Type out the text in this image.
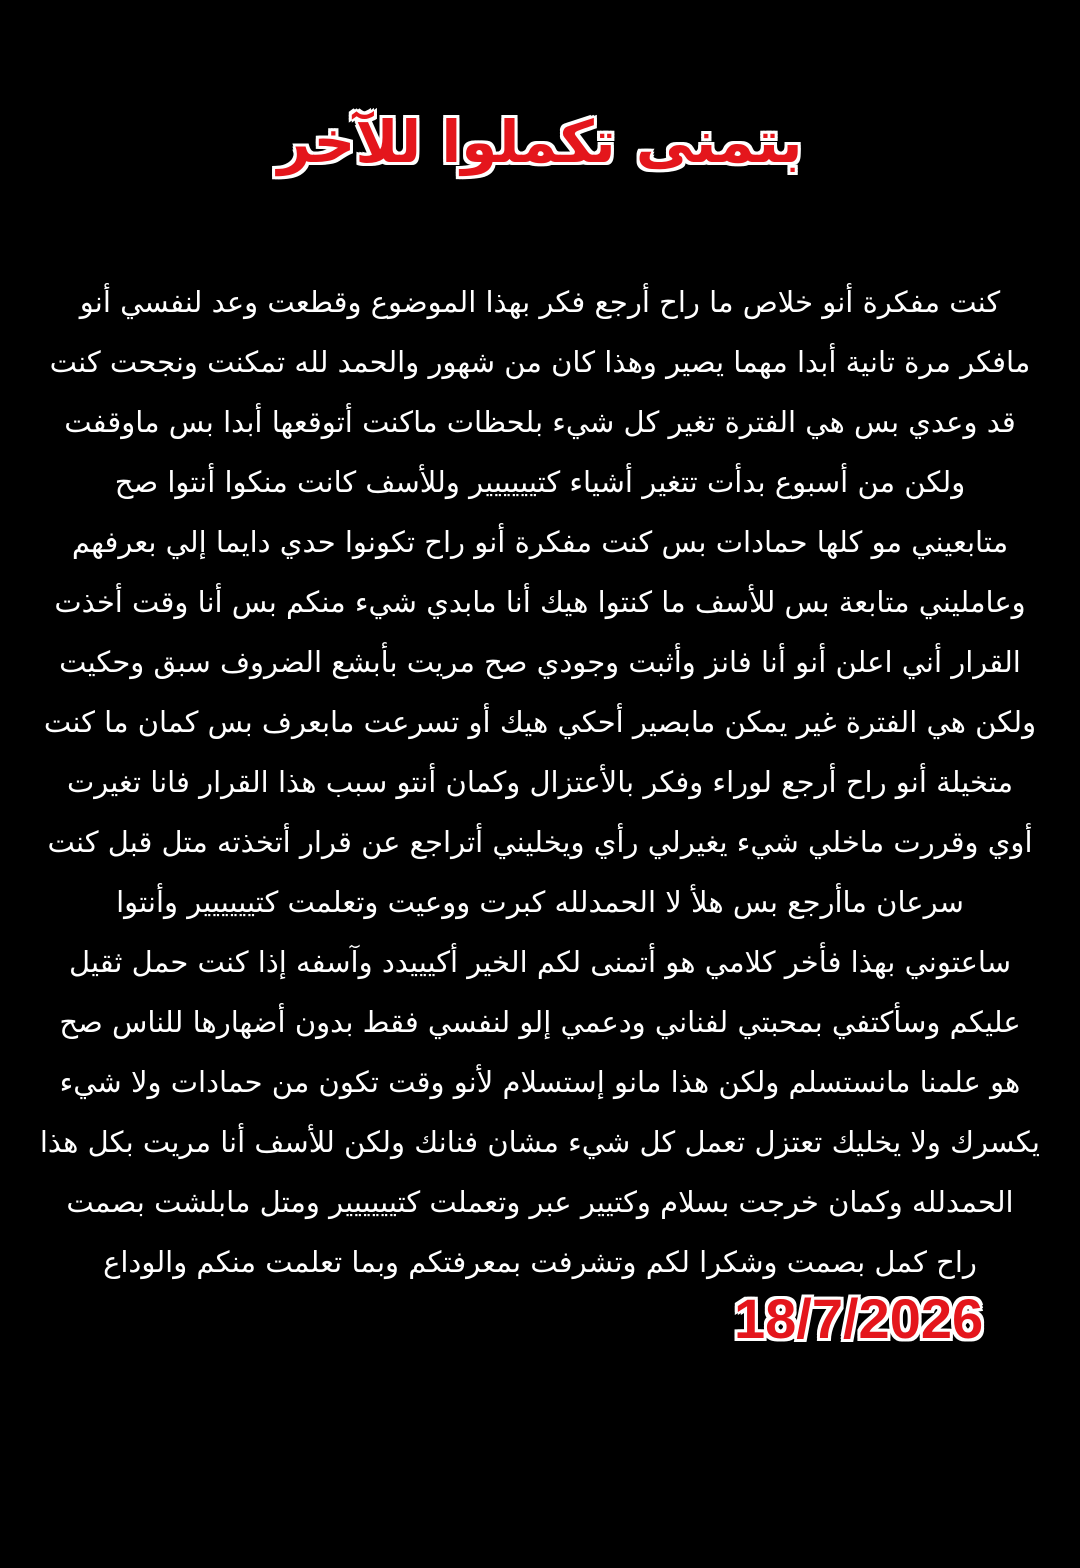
بتمنى تكملوا للآخر
كنت مفكرة أنو خلاص ما راح أرجع فكر بهذا الموضوع وقطعت وعد لنفسي أنو
مافكر مرة تانية أبدا مهما يصير وهذا كان من شهور والحمد لله تمكنت ونجحت كنت
قد وعدي بس هي الفترة تغير كل شيء بلحظات ماكنت أتوقعها أبدا بس ماوقفت
ولكن من أسبوع بدأت تتغير أشياء كتيييييير وللأسف كانت منكوا أنتوا صح
متابعيني مو كلها حمادات بس كنت مفكرة أنو راح تكونوا حدي دايما إلي بعرفهم
وعامليني متابعة بس للأسف ما كنتوا هيك أنا مابدي شيء منكم بس أنا وقت أخذت
القرار أني اعلن أنو أنا فانز وأثبت وجودي صح مريت بأبشع الضروف سبق وحكيت
ولكن هي الفترة غير يمكن مابصير أحكي هيك أو تسرعت مابعرف بس كمان ما كنت
متخيلة أنو راح أرجع لوراء وفكر بالأعتزال وكمان أنتو سبب هذا القرار فانا تغيرت
أوي وقررت ماخلي شيء يغيرلي رأي ويخليني أتراجع عن قرار أتخذته متل قبل كنت
سرعان ماأرجع بس هلأ لا الحمدلله كبرت ووعيت وتعلمت كتيييييير وأنتوا
ساعتوني بهذا فأخر كلامي هو أتمنى لكم الخير أكيييدد وآسفه إذا كنت حمل ثقيل
عليكم وسأكتفي بمحبتي لفناني ودعمي إلو لنفسي فقط بدون أضهارها للناس صح
هو علمنا مانستسلم ولكن هذا مانو إستسلام لأنو وقت تكون من حمادات ولا شيء
يكسرك ولا يخليك تعتزل تعمل كل شيء مشان فنانك ولكن للأسف أنا مريت بكل هذا
الحمدلله وكمان خرجت بسلام وكتيير عبر وتعملت كتيييييير ومتل مابلشت بصمت
راح كمل بصمت وشكرا لكم وتشرفت بمعرفتكم وبما تعلمت منكم والوداع
18/7/2026
